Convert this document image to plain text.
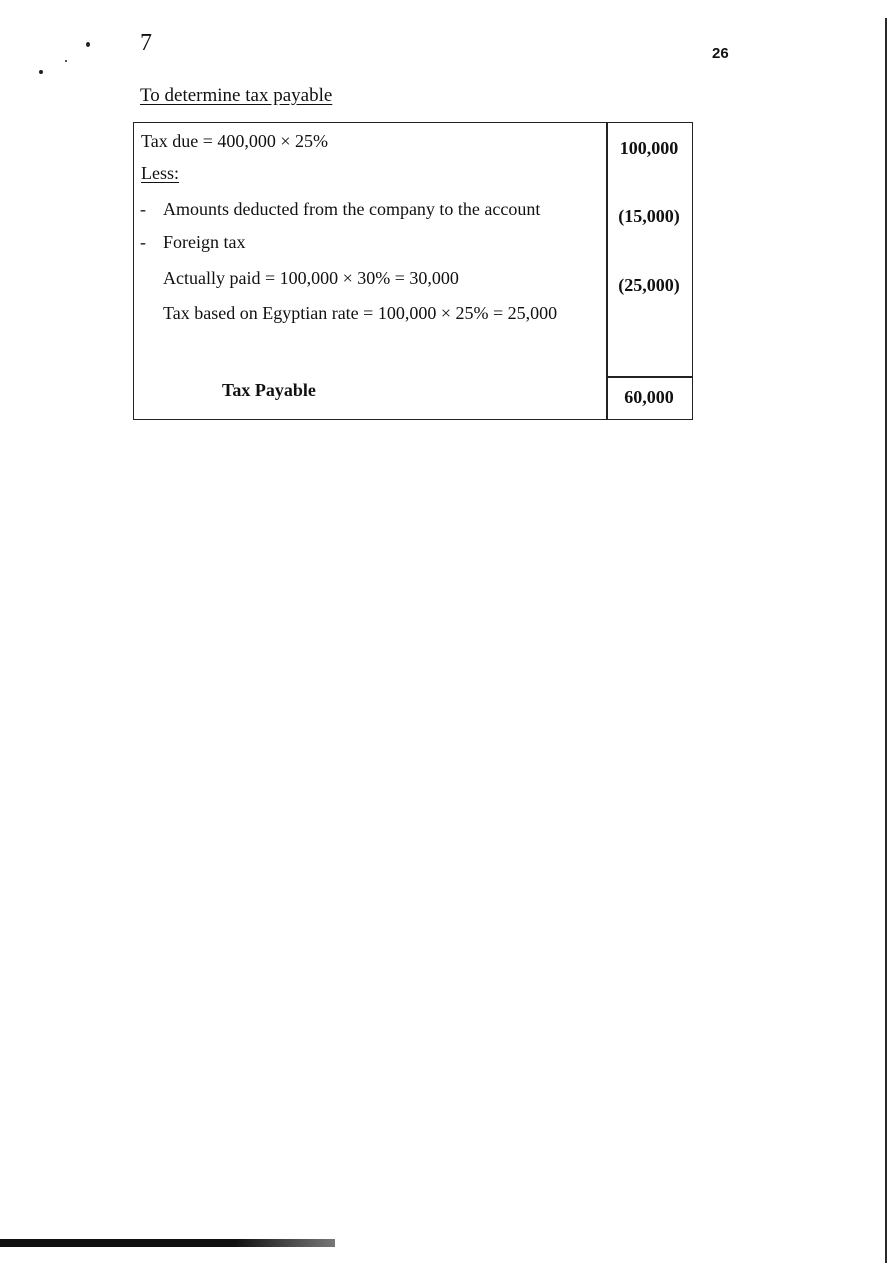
7	26
To determine tax payable
Tax due = 400,000 × 25%	100,000
Less:
- Amounts deducted from the company to the account	(15,000)
- Foreign tax
Actually paid = 100,000 × 30% = 30,000	(25,000)
Tax based on Egyptian rate = 100,000 × 25% = 25,000
Tax Payable	60,000
